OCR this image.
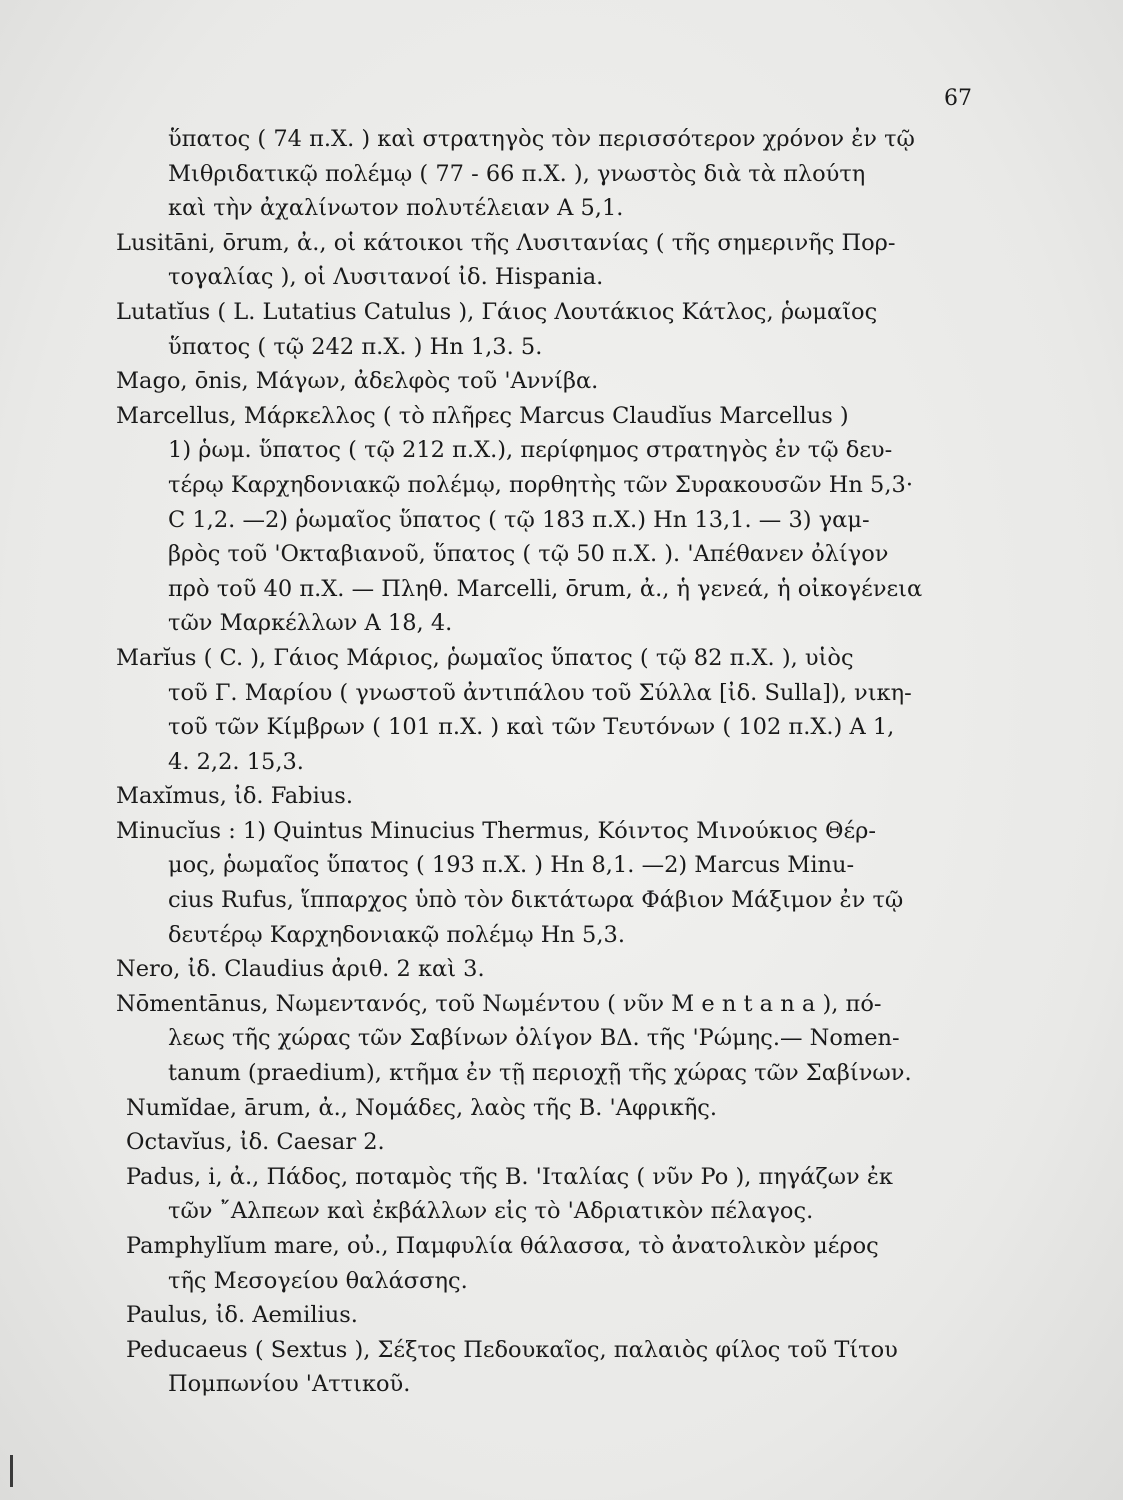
67
ὕπατος ( 74 π.Χ. ) καὶ στρατηγὸς τὸν περισσότερον χρόνον ἐν τῷ
Μιθριδατικῷ πολέμῳ ( 77 - 66 π.Χ. ), γνωστὸς διὰ τὰ πλούτη
καὶ τὴν ἀχαλίνωτον πολυτέλειαν Α 5,1.
Lusitāni, ōrum, ἀ., οἱ κάτοικοι τῆς Λυσιτανίας ( τῆς σημερινῆς Πορ-
τογαλίας ), οἱ Λυσιτανοί ἰδ. Hispania.
Lutatĭus ( L. Lutatius Catulus ), Γάιος Λουτάκιος Κάτλος, ῥωμαῖος
ὕπατος ( τῷ 242 π.Χ. ) Hn 1,3. 5.
Mago, ōnis, Μάγων, ἀδελφὸς τοῦ 'Αννίβα.
Marcellus, Μάρκελλος ( τὸ πλῆρες Marcus Claudĭus Marcellus )
1) ῥωμ. ὕπατος ( τῷ 212 π.Χ.), περίφημος στρατηγὸς ἐν τῷ δευ-
τέρῳ Καρχηδονιακῷ πολέμῳ, πορθητὴς τῶν Συρακουσῶν Hn 5,3·
C 1,2. —2) ῥωμαῖος ὕπατος ( τῷ 183 π.Χ.) Hn 13,1. — 3) γαμ-
βρὸς τοῦ 'Οκταβιανοῦ, ὕπατος ( τῷ 50 π.Χ. ). 'Απέθανεν ὀλίγον
πρὸ τοῦ 40 π.Χ. — Πληθ. Marcelli, ōrum, ἀ., ἡ γενεά, ἡ οἰκογένεια
τῶν Μαρκέλλων Α 18, 4.
Marĭus ( C. ), Γάιος Μάριος, ῥωμαῖος ὕπατος ( τῷ 82 π.Χ. ), υἱὸς
τοῦ Γ. Μαρίου ( γνωστοῦ ἀντιπάλου τοῦ Σύλλα [ἰδ. Sulla]), νικη-
τοῦ τῶν Κίμβρων ( 101 π.Χ. ) καὶ τῶν Τευτόνων ( 102 π.Χ.) Α 1,
4. 2,2. 15,3.
Maxĭmus, ἰδ. Fabius.
Minucĭus : 1) Quintus Minucius Thermus, Κόιντος Μινούκιος Θέρ-
μος, ῥωμαῖος ὕπατος ( 193 π.Χ. ) Hn 8,1. —2) Marcus Minu-
cius Rufus, ἵππαρχος ὑπὸ τὸν δικτάτωρα Φάβιον Μάξιμον ἐν τῷ
δευτέρῳ Καρχηδονιακῷ πολέμῳ Hn 5,3.
Nero, ἰδ. Claudius ἀριθ. 2 καὶ 3.
Nōmentānus, Νωμεντανός, τοῦ Νωμέντου ( νῦν M e n t a n a ), πό-
λεως τῆς χώρας τῶν Σαβίνων ὀλίγον ΒΔ. τῆς 'Ρώμης.— Nomen-
tanum (praedium), κτῆμα ἐν τῇ περιοχῇ τῆς χώρας τῶν Σαβίνων.
Numĭdae, ārum, ἀ., Νομάδες, λαὸς τῆς Β. 'Αφρικῆς.
Octavĭus, ἰδ. Caesar 2.
Padus, i, ἀ., Πάδος, ποταμὸς τῆς Β. 'Ιταλίας ( νῦν Po ), πηγάζων ἐκ
τῶν ῎Αλπεων καὶ ἐκβάλλων εἰς τὸ 'Αδριατικὸν πέλαγος.
Pamphylĭum mare, οὐ., Παμφυλία θάλασσα, τὸ ἀνατολικὸν μέρος
τῆς Μεσογείου θαλάσσης.
Paulus, ἰδ. Aemilius.
Peducaeus ( Sextus ), Σέξτος Πεδουκαῖος, παλαιὸς φίλος τοῦ Τίτου
Πομπωνίου 'Αττικοῦ.
